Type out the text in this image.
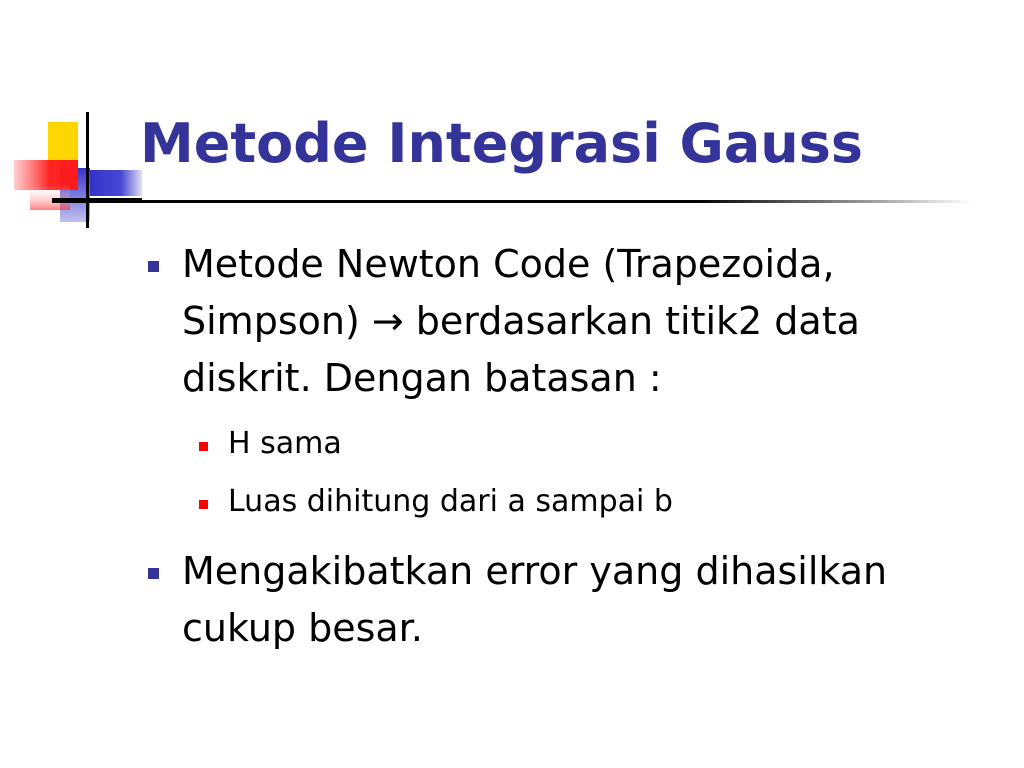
Metode Integrasi Gauss
Metode Newton Code (Trapezoida, Simpson) → berdasarkan titik2 data diskrit. Dengan batasan :
H sama
Luas dihitung dari a sampai b
Mengakibatkan error yang dihasilkan cukup besar.
